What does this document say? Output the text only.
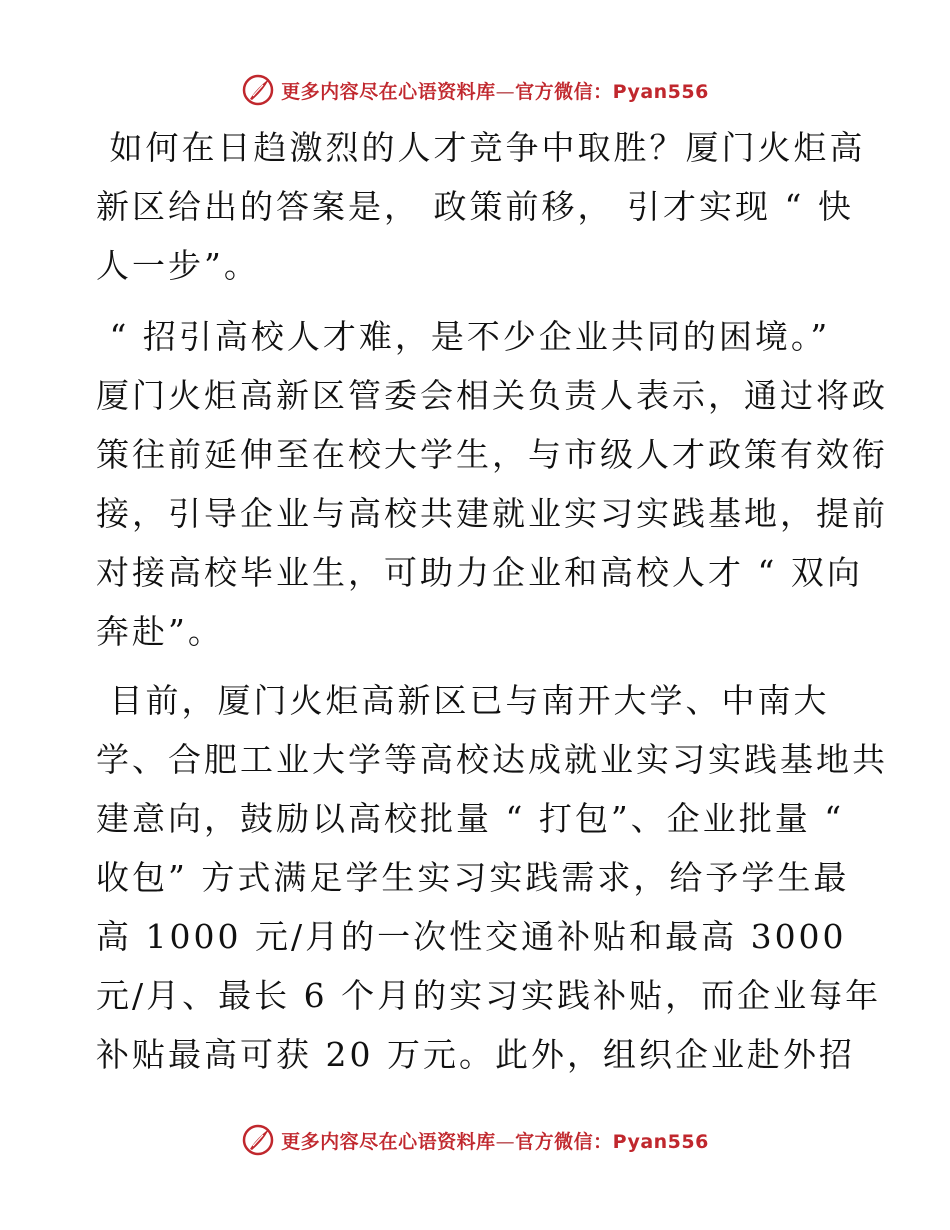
更多内容尽在心语资料库—官方微信：Pyan556

如何在日趋激烈的人才竞争中取胜？厦门火炬高
新区给出的答案是， 政策前移， 引才实现 “ 快
人一步”。

“ 招引高校人才难，是不少企业共同的困境。”
厦门火炬高新区管委会相关负责人表示，通过将政
策往前延伸至在校大学生，与市级人才政策有效衔
接，引导企业与高校共建就业实习实践基地，提前
对接高校毕业生，可助力企业和高校人才 “ 双向
奔赴”。

目前，厦门火炬高新区已与南开大学、中南大
学、合肥工业大学等高校达成就业实习实践基地共
建意向，鼓励以高校批量 “ 打包”、企业批量 “
收包” 方式满足学生实习实践需求，给予学生最
高 1000 元/月的一次性交通补贴和最高 3000
元/月、最长 6 个月的实习实践补贴，而企业每年
补贴最高可获 20 万元。此外，组织企业赴外招

更多内容尽在心语资料库—官方微信：Pyan556
